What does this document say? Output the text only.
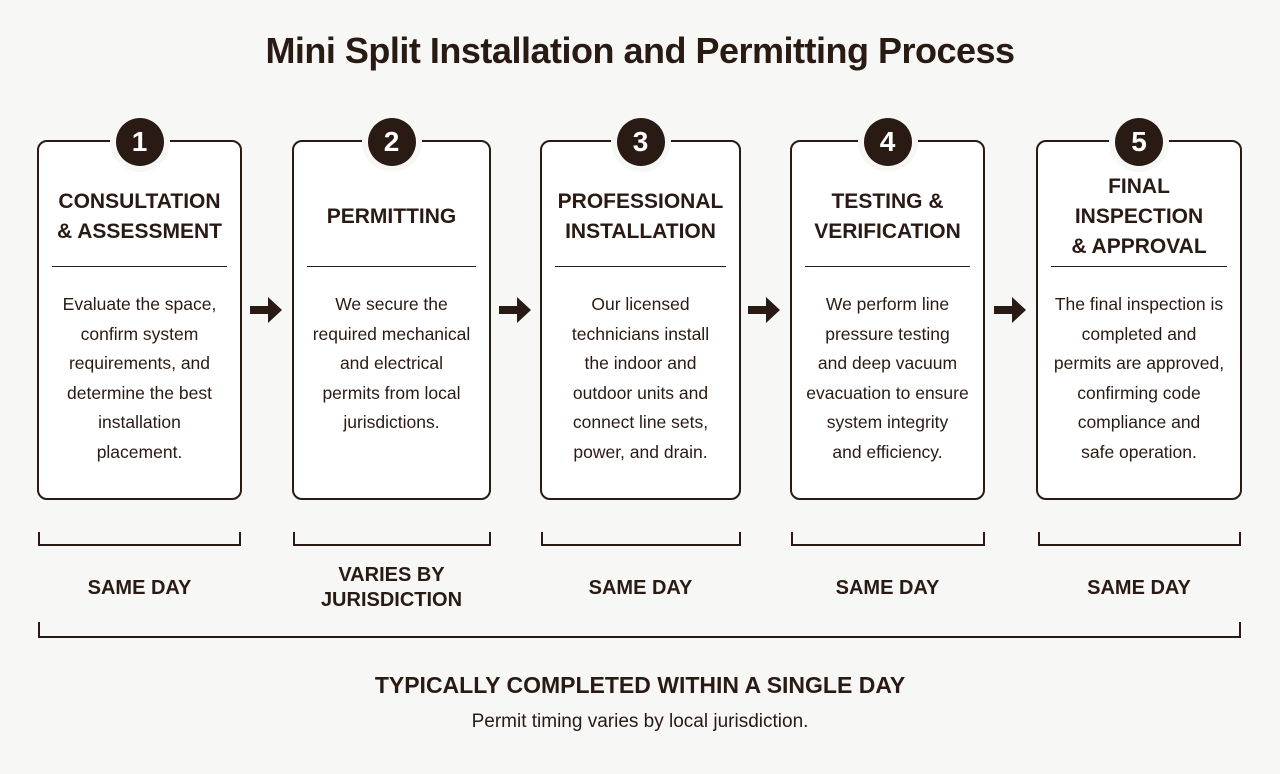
Mini Split Installation and Permitting Process
1
CONSULTATION
& ASSESSMENT
Evaluate the space,
confirm system
requirements, and
determine the best
installation
placement.
2
PERMITTING
We secure the
required mechanical
and electrical
permits from local
jurisdictions.
3
PROFESSIONAL
INSTALLATION
Our licensed
technicians install
the indoor and
outdoor units and
connect line sets,
power, and drain.
4
TESTING &
VERIFICATION
We perform line
pressure testing
and deep vacuum
evacuation to ensure
system integrity
and efficiency.
5
FINAL INSPECTION
& APPROVAL
The final inspection is
completed and
permits are approved,
confirming code
compliance and
safe operation.
SAME DAY
VARIES BY
JURISDICTION
SAME DAY	SAME DAY	SAME DAY
TYPICALLY COMPLETED WITHIN A SINGLE DAY
Permit timing varies by local jurisdiction.
